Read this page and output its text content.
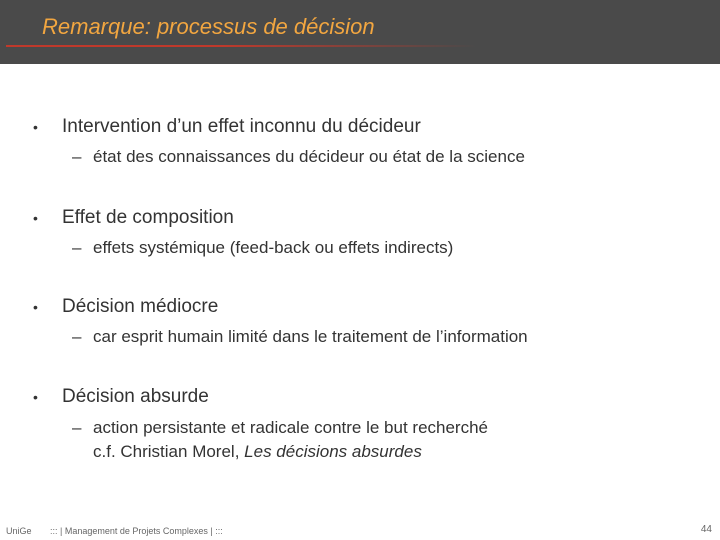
Remarque: processus de décision
• Intervention d’un effet inconnu du décideur
– état des connaissances du décideur ou état de la science
• Effet de composition
– effets systémique (feed-back ou effets indirects)
• Décision médiocre
– car esprit humain limité dans le traitement de l’information
• Décision absurde
– action persistante et radicale contre le but recherché
c.f. Christian Morel, Les décisions absurdes
UniGe ::: | Management de Projets Complexes | :::	44
